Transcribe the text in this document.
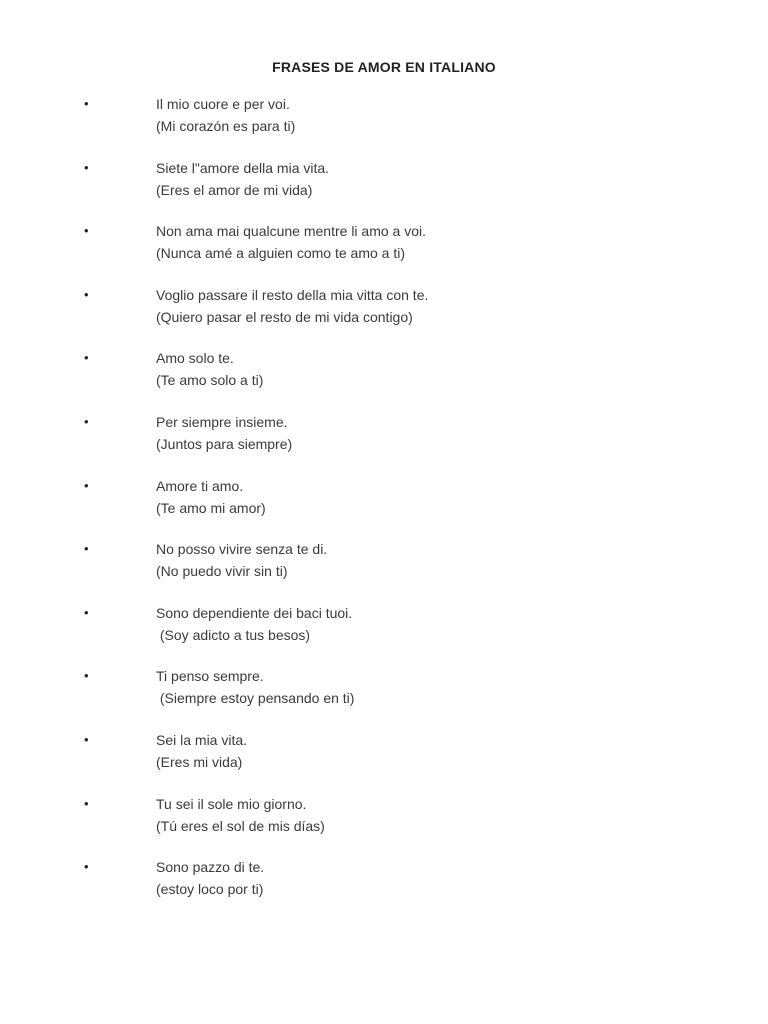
FRASES DE AMOR EN ITALIANO
•	Il mio cuore e per voi.
(Mi corazón es para ti)
•	Siete l"amore della mia vita.
(Eres el amor de mi vida)
•	Non ama mai qualcune mentre li amo a voi.
(Nunca amé a alguien como te amo a ti)
•	Voglio passare il resto della mia vitta con te.
(Quiero pasar el resto de mi vida contigo)
•	Amo solo te.
(Te amo solo a ti)
•	Per siempre insieme.
(Juntos para siempre)
•	Amore ti amo.
(Te amo mi amor)
•	No posso vivire senza te di.
(No puedo vivir sin ti)
•	Sono dependiente dei baci tuoi.
(Soy adicto a tus besos)
•	Ti penso sempre.
(Siempre estoy pensando en ti)
•	Sei la mia vita.
(Eres mi vida)
•	Tu sei il sole mio giorno.
(Tú eres el sol de mis días)
•	Sono pazzo di te.
(estoy loco por ti)
